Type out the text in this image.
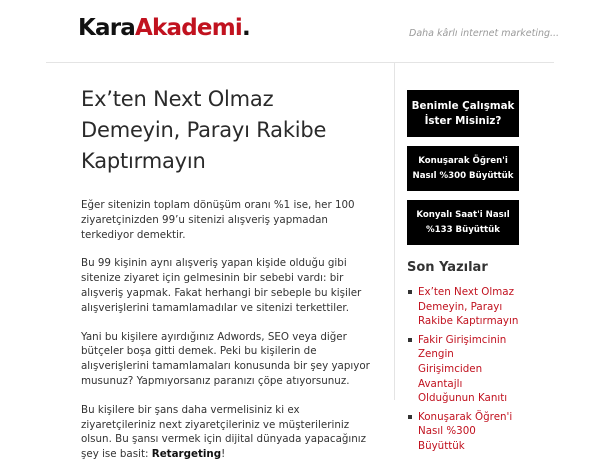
KaraAkademi.	Daha kârlı internet marketing...

Ex’ten Next Olmaz Demeyin, Parayı Rakibe Kaptırmayın

Eğer sitenizin toplam dönüşüm oranı %1 ise, her 100 ziyaretçinizden 99’u sitenizi alışveriş yapmadan terkediyor demektir.

Bu 99 kişinin aynı alışveriş yapan kişide olduğu gibi sitenize ziyaret için gelmesinin bir sebebi vardı: bir alışveriş yapmak. Fakat herhangi bir sebeple bu kişiler alışverişlerini tamamlamadılar ve sitenizi terkettiler.

Yani bu kişilere ayırdığınız Adwords, SEO veya diğer bütçeler boşa gitti demek. Peki bu kişilerin de alışverişlerini tamamlamaları konusunda bir şey yapıyor musunuz? Yapmıyorsanız paranızı çöpe atıyorsunuz.

Bu kişilere bir şans daha vermelisiniz ki ex ziyaretçileriniz next ziyaretçileriniz ve müşterileriniz olsun. Bu şansı vermek için dijital dünyada yapacağınız şey ise basit: Retargeting!

Benimle Çalışmak İster Misiniz?
Konuşarak Öğren'i Nasıl %300 Büyüttük
Konyalı Saat'i Nasıl %133 Büyüttük
Son Yazılar
Ex’ten Next Olmaz Demeyin, Parayı Rakibe Kaptırmayın
Fakir Girişimcinin Zengin Girişimciden Avantajlı Olduğunun Kanıtı
Konuşarak Öğren'i Nasıl %300 Büyüttük
